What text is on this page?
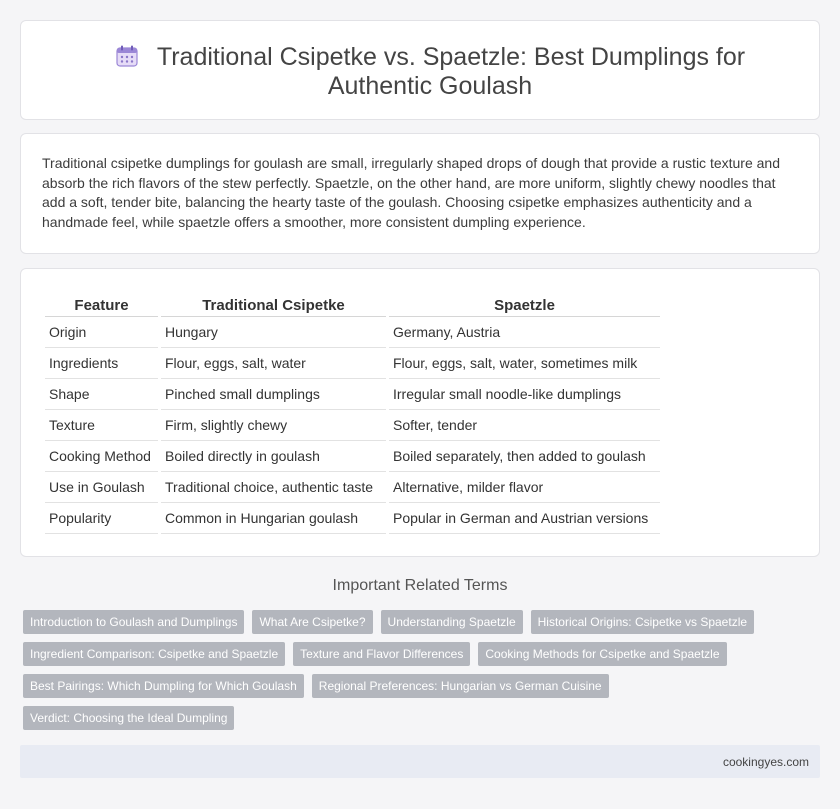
Traditional Csipetke vs. Spaetzle: Best Dumplings for Authentic Goulash

Traditional csipetke dumplings for goulash are small, irregularly shaped drops of dough that provide a rustic texture and absorb the rich flavors of the stew perfectly. Spaetzle, on the other hand, are more uniform, slightly chewy noodles that add a soft, tender bite, balancing the hearty taste of the goulash. Choosing csipetke emphasizes authenticity and a handmade feel, while spaetzle offers a smoother, more consistent dumpling experience.

Feature	Traditional Csipetke	Spaetzle
Origin	Hungary	Germany, Austria
Ingredients	Flour, eggs, salt, water	Flour, eggs, salt, water, sometimes milk
Shape	Pinched small dumplings	Irregular small noodle-like dumplings
Texture	Firm, slightly chewy	Softer, tender
Cooking Method	Boiled directly in goulash	Boiled separately, then added to goulash
Use in Goulash	Traditional choice, authentic taste	Alternative, milder flavor
Popularity	Common in Hungarian goulash	Popular in German and Austrian versions
Important Related Terms
Introduction to Goulash and Dumplings	What Are Csipetke?	Understanding Spaetzle	Historical Origins: Csipetke vs Spaetzle
Ingredient Comparison: Csipetke and Spaetzle	Texture and Flavor Differences	Cooking Methods for Csipetke and Spaetzle
Best Pairings: Which Dumpling for Which Goulash	Regional Preferences: Hungarian vs German Cuisine
Verdict: Choosing the Ideal Dumpling
cookingyes.com
